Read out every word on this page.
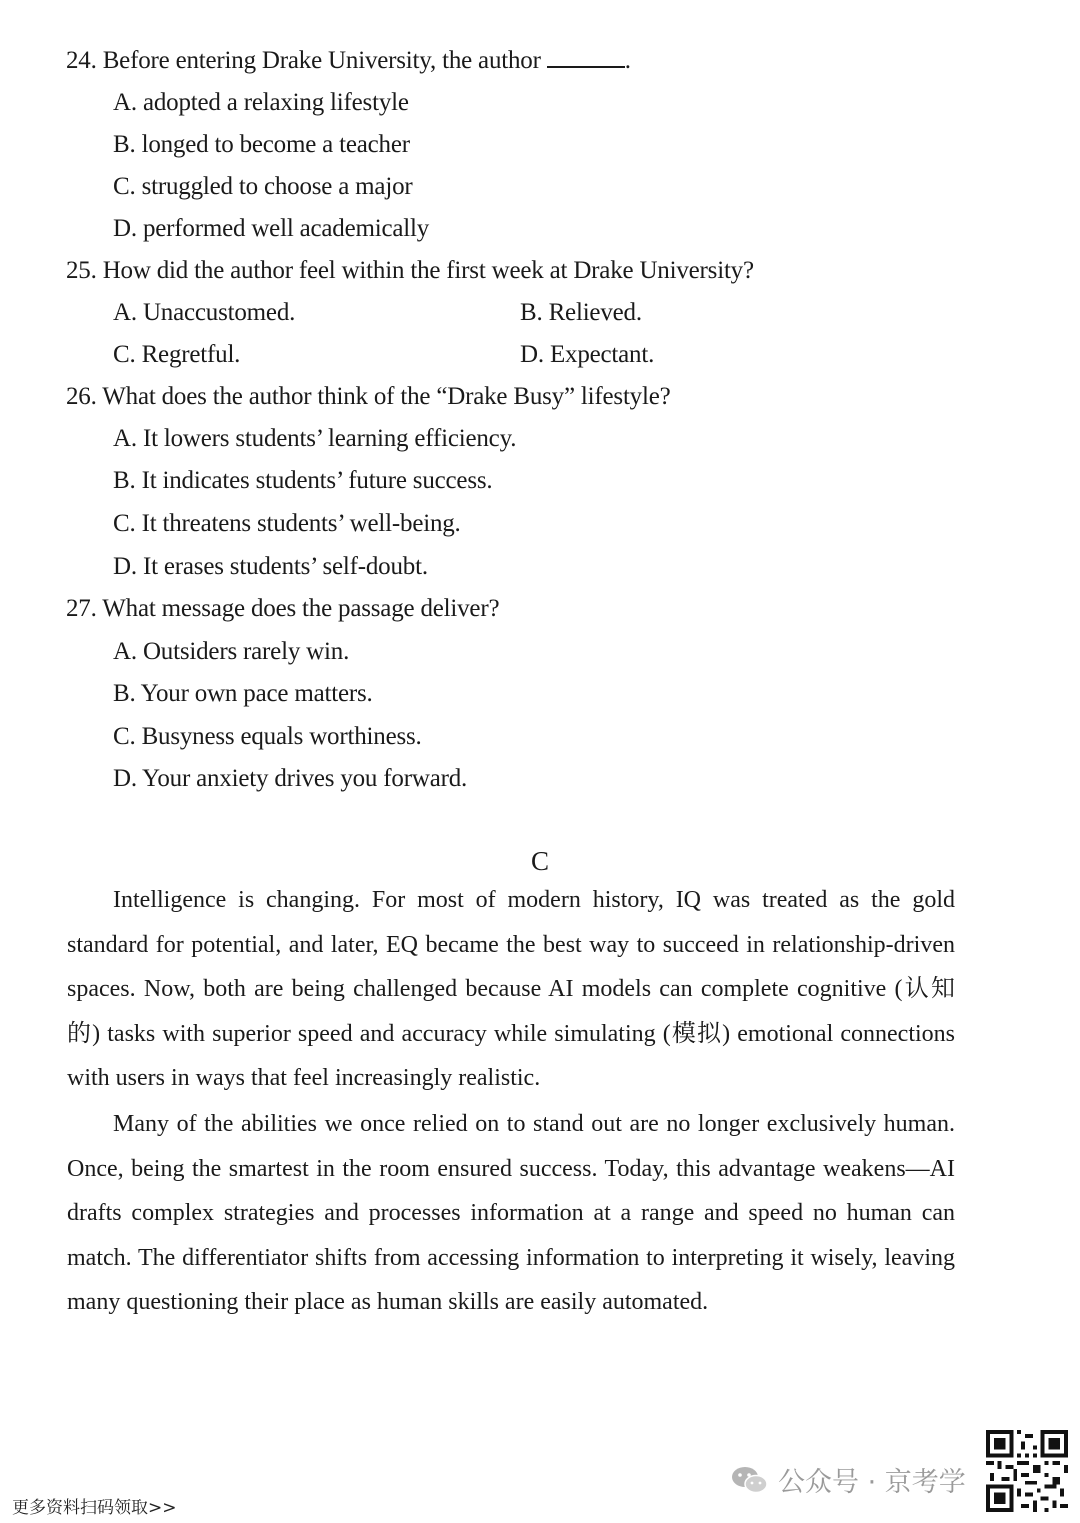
24. Before entering Drake University, the author	.
A. adopted a relaxing lifestyle
B. longed to become a teacher
C. struggled to choose a major
D. performed well academically
25. How did the author feel within the first week at Drake University?
A. Unaccustomed.	B. Relieved.
C. Regretful.	D. Expectant.
26. What does the author think of the “Drake Busy” lifestyle?
A. It lowers students’ learning efficiency.
B. It indicates students’ future success.
C. It threatens students’ well-being.
D. It erases students’ self-doubt.
27. What message does the passage deliver?
A. Outsiders rarely win.
B. Your own pace matters.
C. Busyness equals worthiness.
D. Your anxiety drives you forward.
C
Intelligence is changing. For most of modern history, IQ was treated as the gold standard for potential, and later, EQ became the best way to succeed in relationship-driven spaces. Now, both are being challenged because AI models can complete cognitive (认知的) tasks with superior speed and accuracy while simulating (模拟) emotional connections with users in ways that feel increasingly realistic.
Many of the abilities we once relied on to stand out are no longer exclusively human. Once, being the smartest in the room ensured success. Today, this advantage weakens—AI drafts complex strategies and processes information at a range and speed no human can match. The differentiator shifts from accessing information to interpreting it wisely, leaving many questioning their place as human skills are easily automated.
更多资料扫码领取>>
公众号 · 京考学
